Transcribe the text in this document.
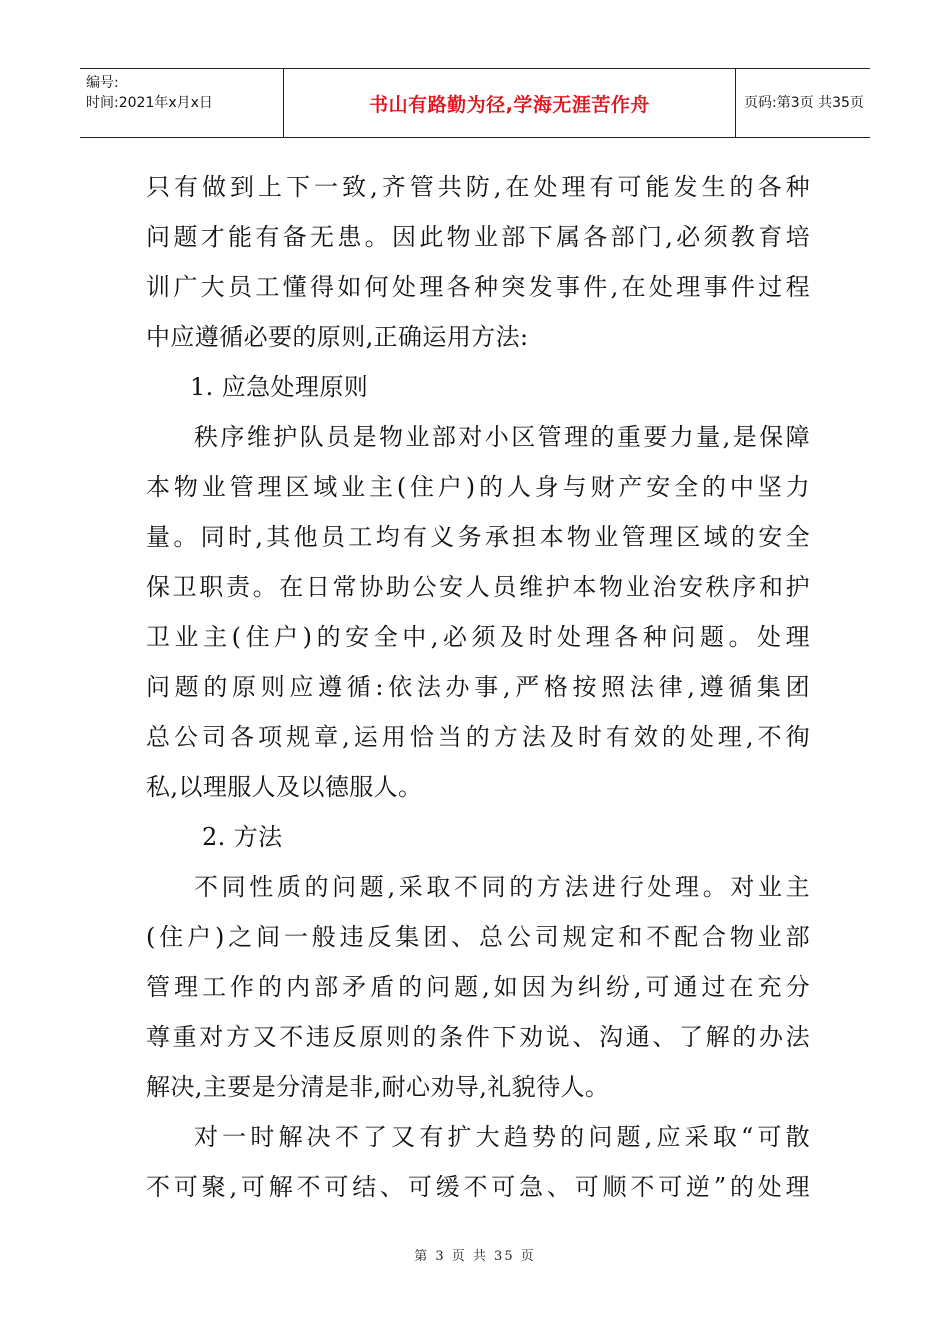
编号:
时间:2021年x月x日	书山有路勤为径,学海无涯苦作舟	页码:第3页 共35页
只有做到上下一致,齐管共防,在处理有可能发生的各种
问题才能有备无患。因此物业部下属各部门,必须教育培
训广大员工懂得如何处理各种突发事件,在处理事件过程
中应遵循必要的原则,正确运用方法:
1. 应急处理原则
秩序维护队员是物业部对小区管理的重要力量,是保障
本物业管理区域业主(住户)的人身与财产安全的中坚力
量。同时,其他员工均有义务承担本物业管理区域的安全
保卫职责。在日常协助公安人员维护本物业治安秩序和护
卫业主(住户)的安全中,必须及时处理各种问题。处理
问题的原则应遵循:依法办事,严格按照法律,遵循集团
总公司各项规章,运用恰当的方法及时有效的处理,不徇
私,以理服人及以德服人。
2. 方法
不同性质的问题,采取不同的方法进行处理。对业主
(住户)之间一般违反集团、总公司规定和不配合物业部
管理工作的内部矛盾的问题,如因为纠纷,可通过在充分
尊重对方又不违反原则的条件下劝说、沟通、了解的办法
解决,主要是分清是非,耐心劝导,礼貌待人。
对一时解决不了又有扩大趋势的问题,应采取“可散
不可聚,可解不可结、可缓不可急、可顺不可逆”的处理
第 3 页 共 35 页
